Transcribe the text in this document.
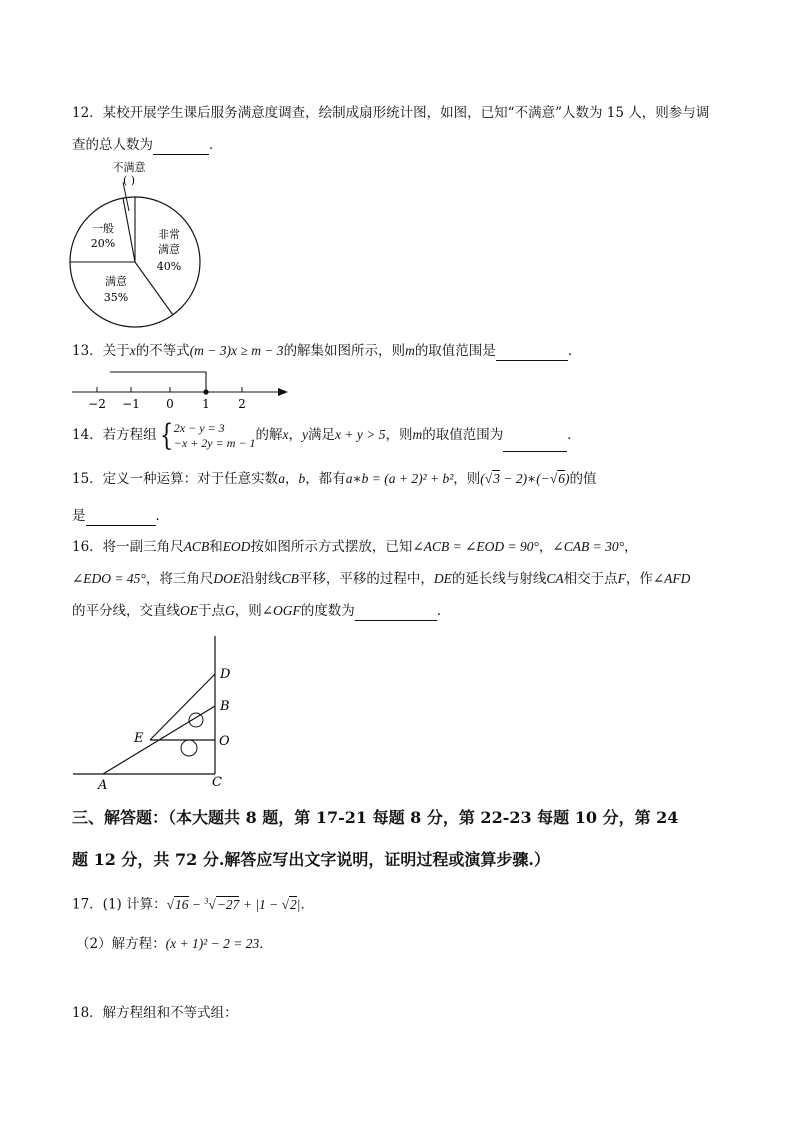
12．某校开展学生课后服务满意度调查，绘制成扇形统计图，如图，已知“不满意”人数为 15 人，则参与调
查的总人数为	．
不满意
( )
一般
20%
非常
满意
40%
满意
35%
13．关于x的不等式(m − 3)x ≥ m − 3的解集如图所示，则m的取值范围是	．
−2 −1 0 1 2
14．若方程组{2x − y = 3
−x + 2y = m − 1的解x，y满足x + y > 5，则m的取值范围为	．
15．定义一种运算：对于任意实数a，b，都有a∗b = (a + 2)² + b²，则(√3 − 2)∗(−√6)的值
是	．
16．将一副三角尺ACB和EOD按如图所示方式摆放，已知∠ACB = ∠EOD = 90°，∠CAB = 30°，
∠EDO = 45°，将三角尺DOE沿射线CB平移，平移的过程中，DE的延长线与射线CA相交于点F，作∠AFD
的平分线，交直线OE于点G，则∠OGF的度数为	．
D
B
E	O
A	C
三、解答题：（本大题共 8 题，第 17-21 每题 8 分，第 22-23 每题 10 分，第 24
题 12 分，共 72 分.解答应写出文字说明，证明过程或演算步骤.）
17．(1) 计算：√16 − $^3$√−27 + |1 − √2|．
（2）解方程：(x + 1)² − 2 = 23．
18．解方程组和不等式组：
